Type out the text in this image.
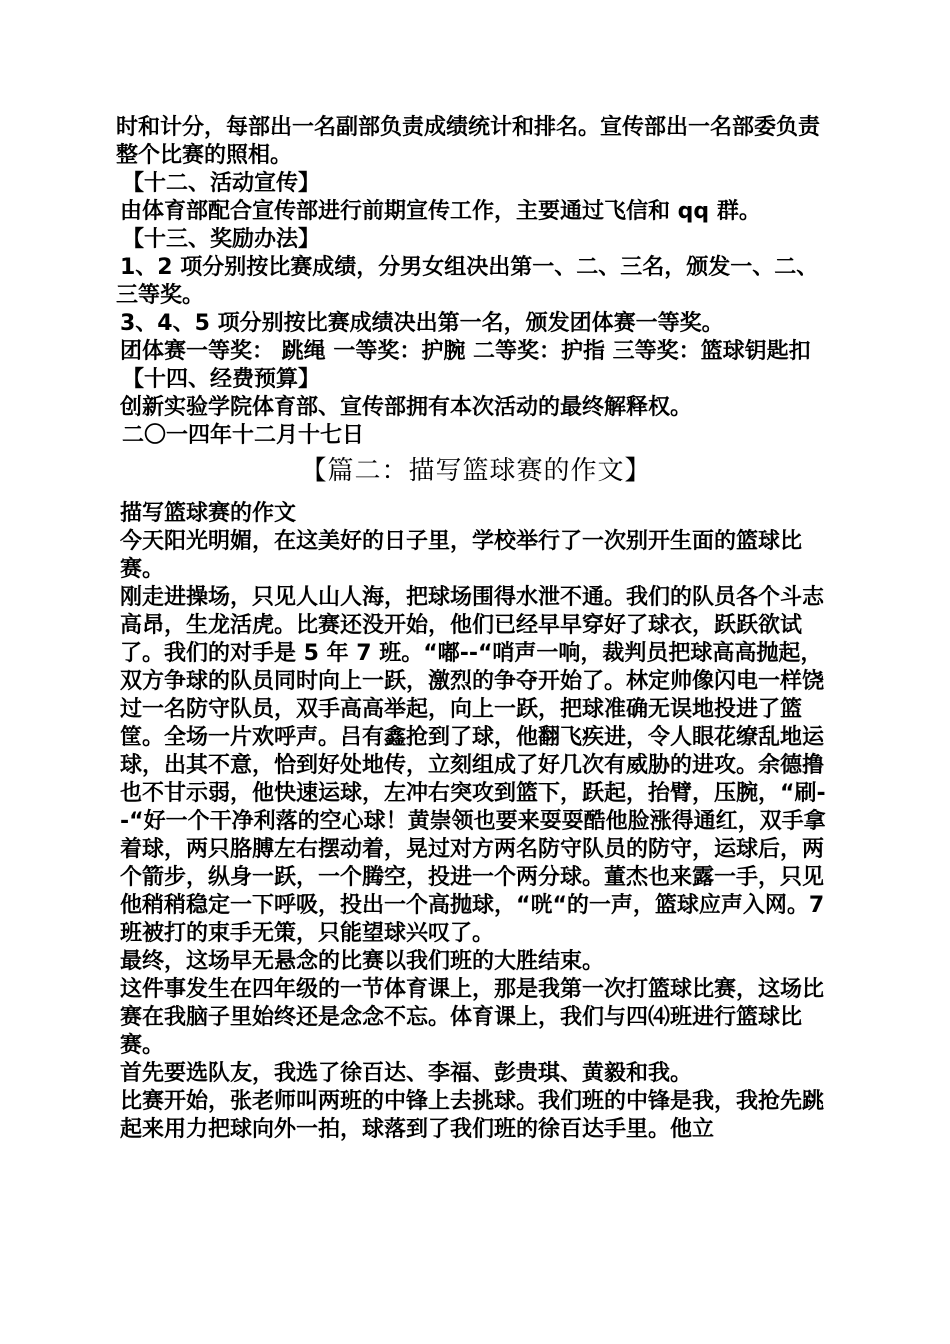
时和计分，每部出一名副部负责成绩统计和排名。宣传部出一名部委负责整个比赛的照相。

【十二、活动宣传】

由体育部配合宣传部进行前期宣传工作，主要通过飞信和 qq 群。

【十三、奖励办法】

1、2 项分别按比赛成绩，分男女组决出第一、二、三名，颁发一、二、

三等奖。

3、4、5 项分别按比赛成绩决出第一名，颁发团体赛一等奖。

团体赛一等奖： 跳绳 一等奖：护腕 二等奖：护指 三等奖：篮球钥匙扣

【十四、经费预算】

创新实验学院体育部、宣传部拥有本次活动的最终解释权。

二〇一四年十二月十七日

【篇二：描写篮球赛的作文】

描写篮球赛的作文

今天阳光明媚，在这美好的日子里，学校举行了一次别开生面的篮球比赛。

刚走进操场，只见人山人海，把球场围得水泄不通。我们的队员各个斗志高昂，生龙活虎。比赛还没开始，他们已经早早穿好了球衣，跃跃欲试了。我们的对手是 5 年 7 班。“嘟--“哨声一响，裁判员把球高高抛起，双方争球的队员同时向上一跃，激烈的争夺开始了。林定帅像闪电一样饶过一名防守队员，双手高高举起，向上一跃，把球准确无误地投进了篮筐。全场一片欢呼声。吕有鑫抢到了球，他翻飞疾进，令人眼花缭乱地运球，出其不意，恰到好处地传，立刻组成了好几次有威胁的进攻。余德撸也不甘示弱，他快速运球，左冲右突攻到篮下，跃起，抬臂，压腕，“刷--“好一个干净利落的空心球！黄崇领也要来耍耍酷他脸涨得通红，双手拿着球，两只胳膊左右摆动着，晃过对方两名防守队员的防守，运球后，两个箭步，纵身一跃，一个腾空，投进一个两分球。董杰也来露一手，只见他稍稍稳定一下呼吸，投出一个高抛球，“咣“的一声，篮球应声入网。7 班被打的束手无策，只能望球兴叹了。

最终，这场早无悬念的比赛以我们班的大胜结束。

这件事发生在四年级的一节体育课上，那是我第一次打篮球比赛，这场比赛在我脑子里始终还是念念不忘。体育课上，我们与四⑷班进行篮球比赛。

首先要选队友，我选了徐百达、李福、彭贵琪、黄毅和我。

比赛开始，张老师叫两班的中锋上去挑球。我们班的中锋是我，我抢先跳起来用力把球向外一拍，球落到了我们班的徐百达手里。他立
